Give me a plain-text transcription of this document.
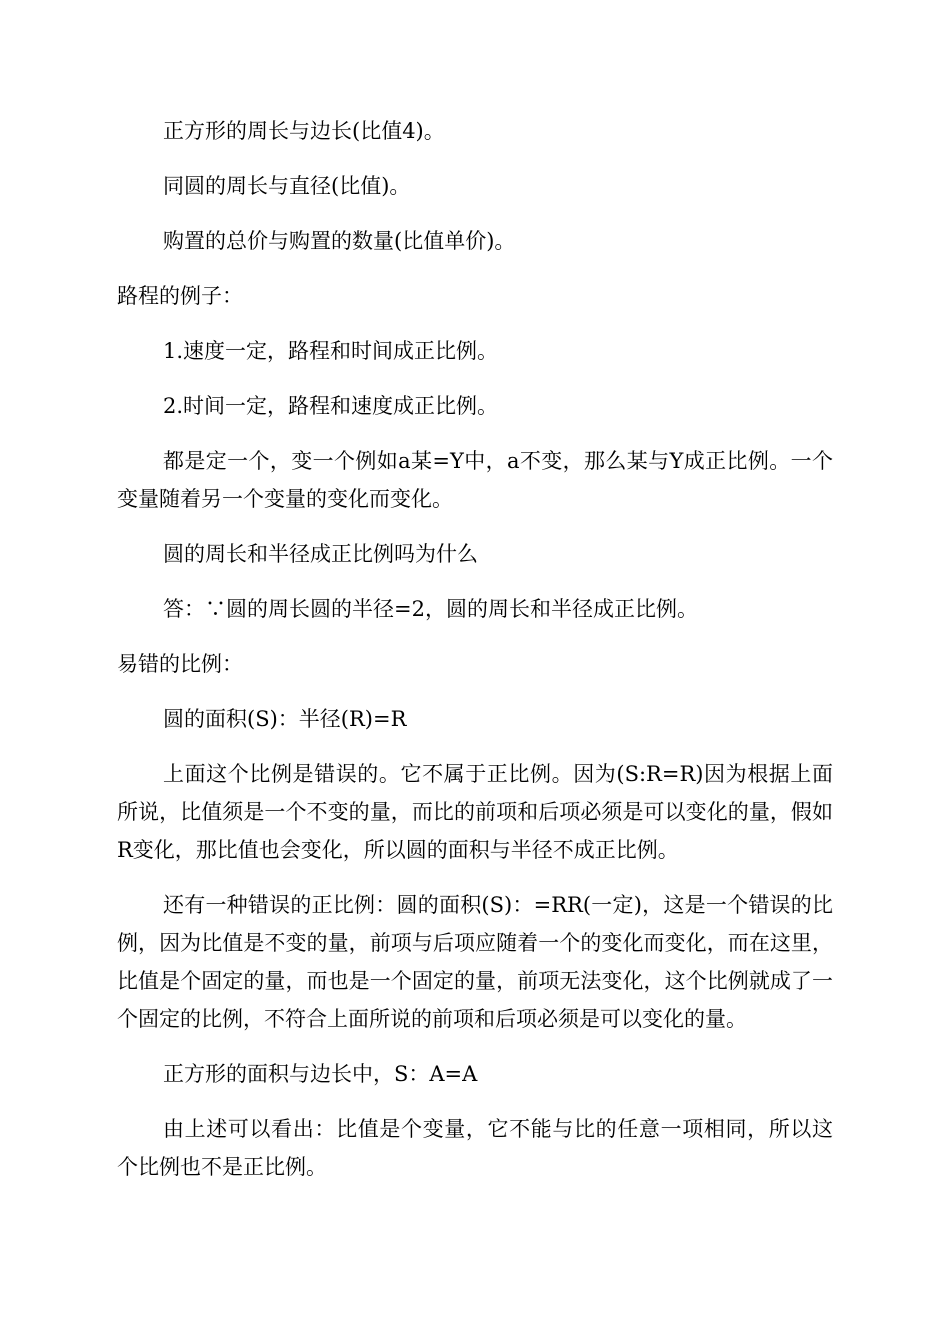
正方形的周长与边长(比值4)。

同圆的周长与直径(比值)。

购置的总价与购置的数量(比值单价)。

路程的例子：

1.速度一定，路程和时间成正比例。

2.时间一定，路程和速度成正比例。

都是定一个，变一个例如a某=Y中，a不变，那么某与Y成正比例。一个变量随着另一个变量的变化而变化。

圆的周长和半径成正比例吗为什么

答：∵圆的周长圆的半径=2，圆的周长和半径成正比例。

易错的比例：

圆的面积(S)：半径(R)=R

上面这个比例是错误的。它不属于正比例。因为(S:R=R)因为根据上面所说，比值须是一个不变的量，而比的前项和后项必须是可以变化的量，假如R变化，那比值也会变化，所以圆的面积与半径不成正比例。

还有一种错误的正比例：圆的面积(S)：=RR(一定)，这是一个错误的比例，因为比值是不变的量，前项与后项应随着一个的变化而变化，而在这里，比值是个固定的量，而也是一个固定的量，前项无法变化，这个比例就成了一个固定的比例，不符合上面所说的前项和后项必须是可以变化的量。

正方形的面积与边长中，S：A=A

由上述可以看出：比值是个变量，它不能与比的任意一项相同，所以这个比例也不是正比例。
